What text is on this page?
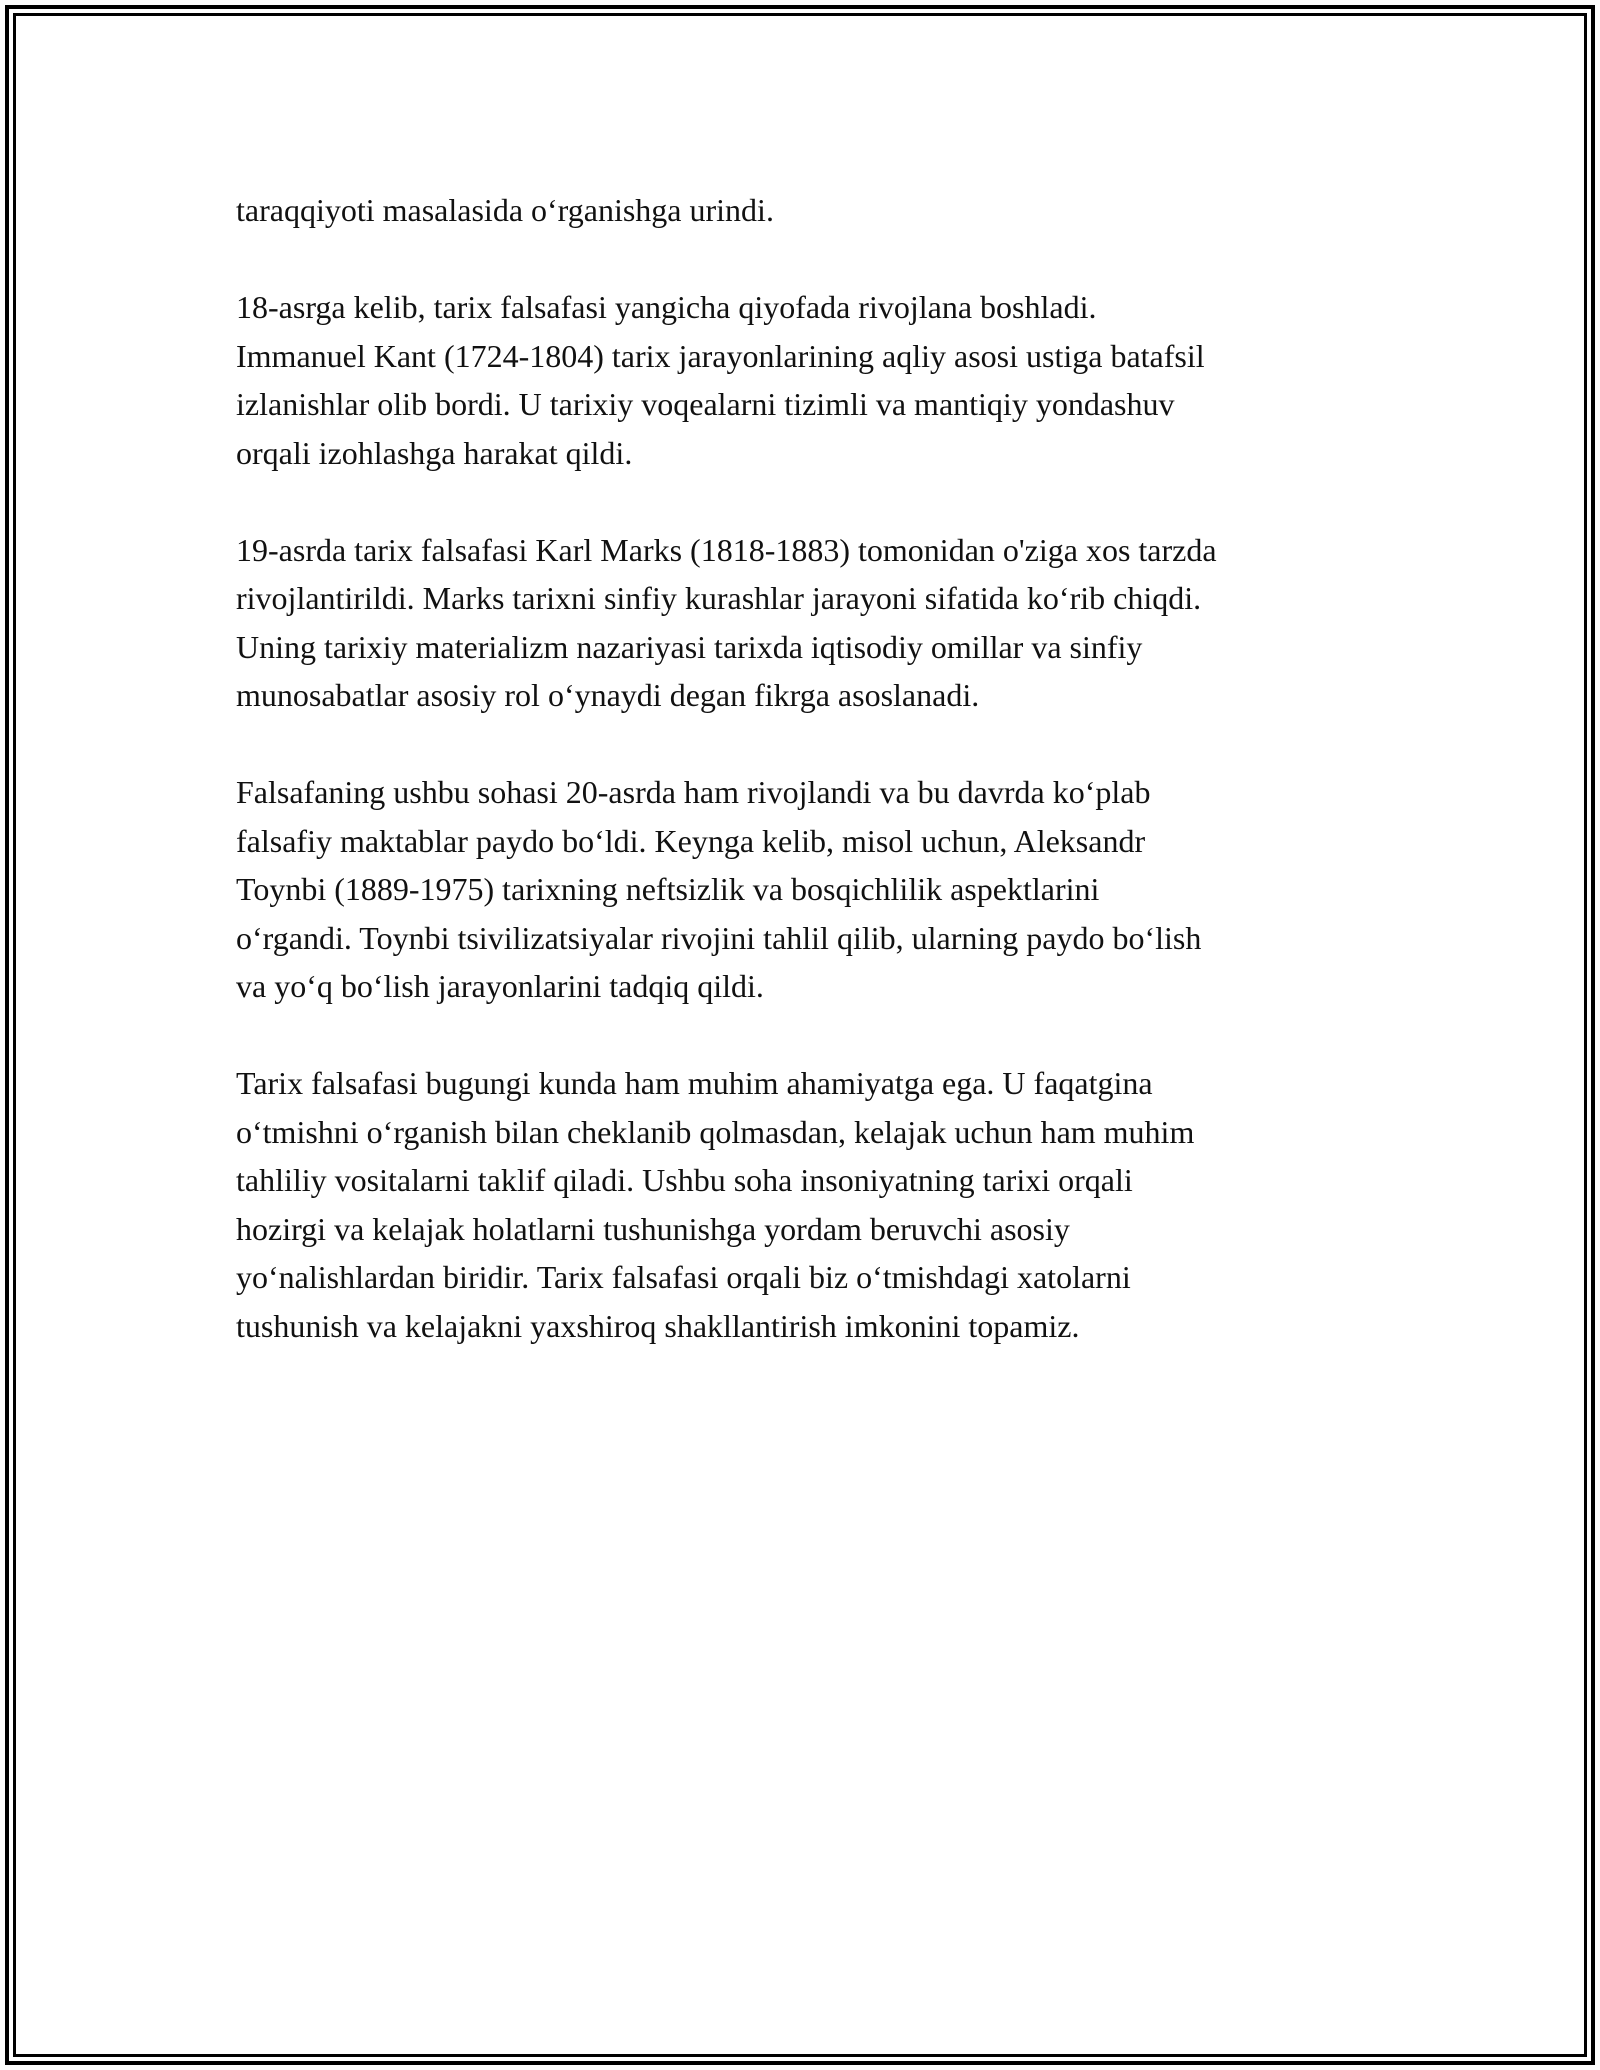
taraqqiyoti masalasida o‘rganishga urindi.
18-asrga kelib, tarix falsafasi yangicha qiyofada rivojlana boshladi.
Immanuel Kant (1724-1804) tarix jarayonlarining aqliy asosi ustiga batafsil
izlanishlar olib bordi. U tarixiy voqealarni tizimli va mantiqiy yondashuv
orqali izohlashga harakat qildi.
19-asrda tarix falsafasi Karl Marks (1818-1883) tomonidan o'ziga xos tarzda
rivojlantirildi. Marks tarixni sinfiy kurashlar jarayoni sifatida ko‘rib chiqdi.
Uning tarixiy materializm nazariyasi tarixda iqtisodiy omillar va sinfiy
munosabatlar asosiy rol o‘ynaydi degan fikrga asoslanadi.
Falsafaning ushbu sohasi 20-asrda ham rivojlandi va bu davrda ko‘plab
falsafiy maktablar paydo bo‘ldi. Keynga kelib, misol uchun, Aleksandr
Toynbi (1889-1975) tarixning neftsizlik va bosqichlilik aspektlarini
o‘rgandi. Toynbi tsivilizatsiyalar rivojini tahlil qilib, ularning paydo bo‘lish
va yo‘q bo‘lish jarayonlarini tadqiq qildi.
Tarix falsafasi bugungi kunda ham muhim ahamiyatga ega. U faqatgina
o‘tmishni o‘rganish bilan cheklanib qolmasdan, kelajak uchun ham muhim
tahliliy vositalarni taklif qiladi. Ushbu soha insoniyatning tarixi orqali
hozirgi va kelajak holatlarni tushunishga yordam beruvchi asosiy
yo‘nalishlardan biridir. Tarix falsafasi orqali biz o‘tmishdagi xatolarni
tushunish va kelajakni yaxshiroq shakllantirish imkonini topamiz.
